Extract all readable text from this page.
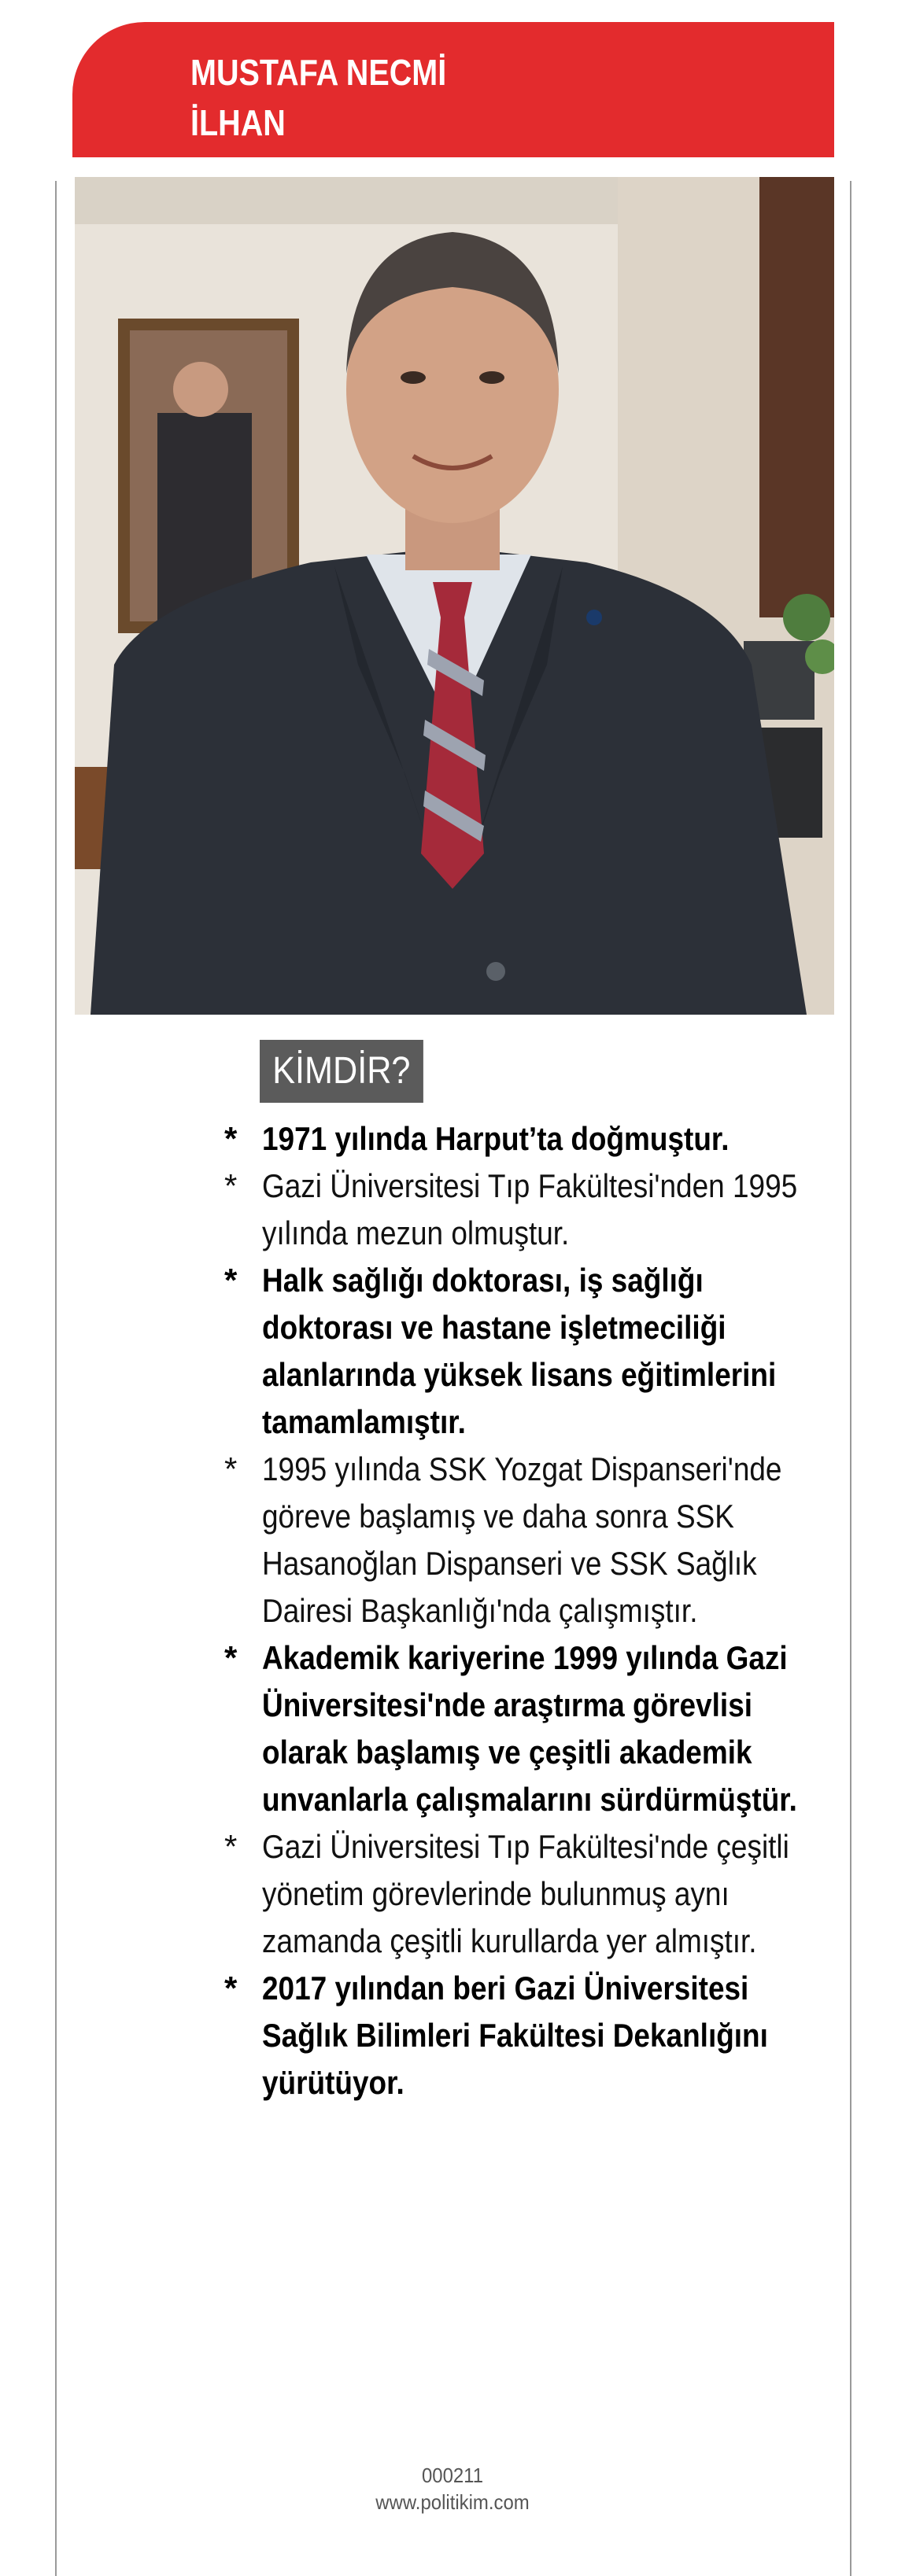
MUSTAFA NECMİ
İLHAN
KİMDİR?
* 1971 yılında Harput’ta doğmuştur.
* Gazi Üniversitesi Tıp Fakültesi'nden 1995 yılında mezun olmuştur.
* Halk sağlığı doktorası, iş sağlığı doktorası ve hastane işletmeciliği alanlarında yüksek lisans eğitimlerini tamamlamıştır.
* 1995 yılında SSK Yozgat Dispanseri'nde göreve başlamış ve daha sonra SSK Hasanoğlan Dispanseri ve SSK Sağlık Dairesi Başkanlığı'nda çalışmıştır.
* Akademik kariyerine 1999 yılında Gazi Üniversitesi'nde araştırma görevlisi olarak başlamış ve çeşitli akademik unvanlarla çalışmalarını sürdürmüştür.
* Gazi Üniversitesi Tıp Fakültesi'nde çeşitli yönetim görevlerinde bulunmuş aynı zamanda çeşitli kurullarda yer almıştır.
* 2017 yılından beri Gazi Üniversitesi Sağlık Bilimleri Fakültesi Dekanlığını yürütüyor.
000211
www.politikim.com
